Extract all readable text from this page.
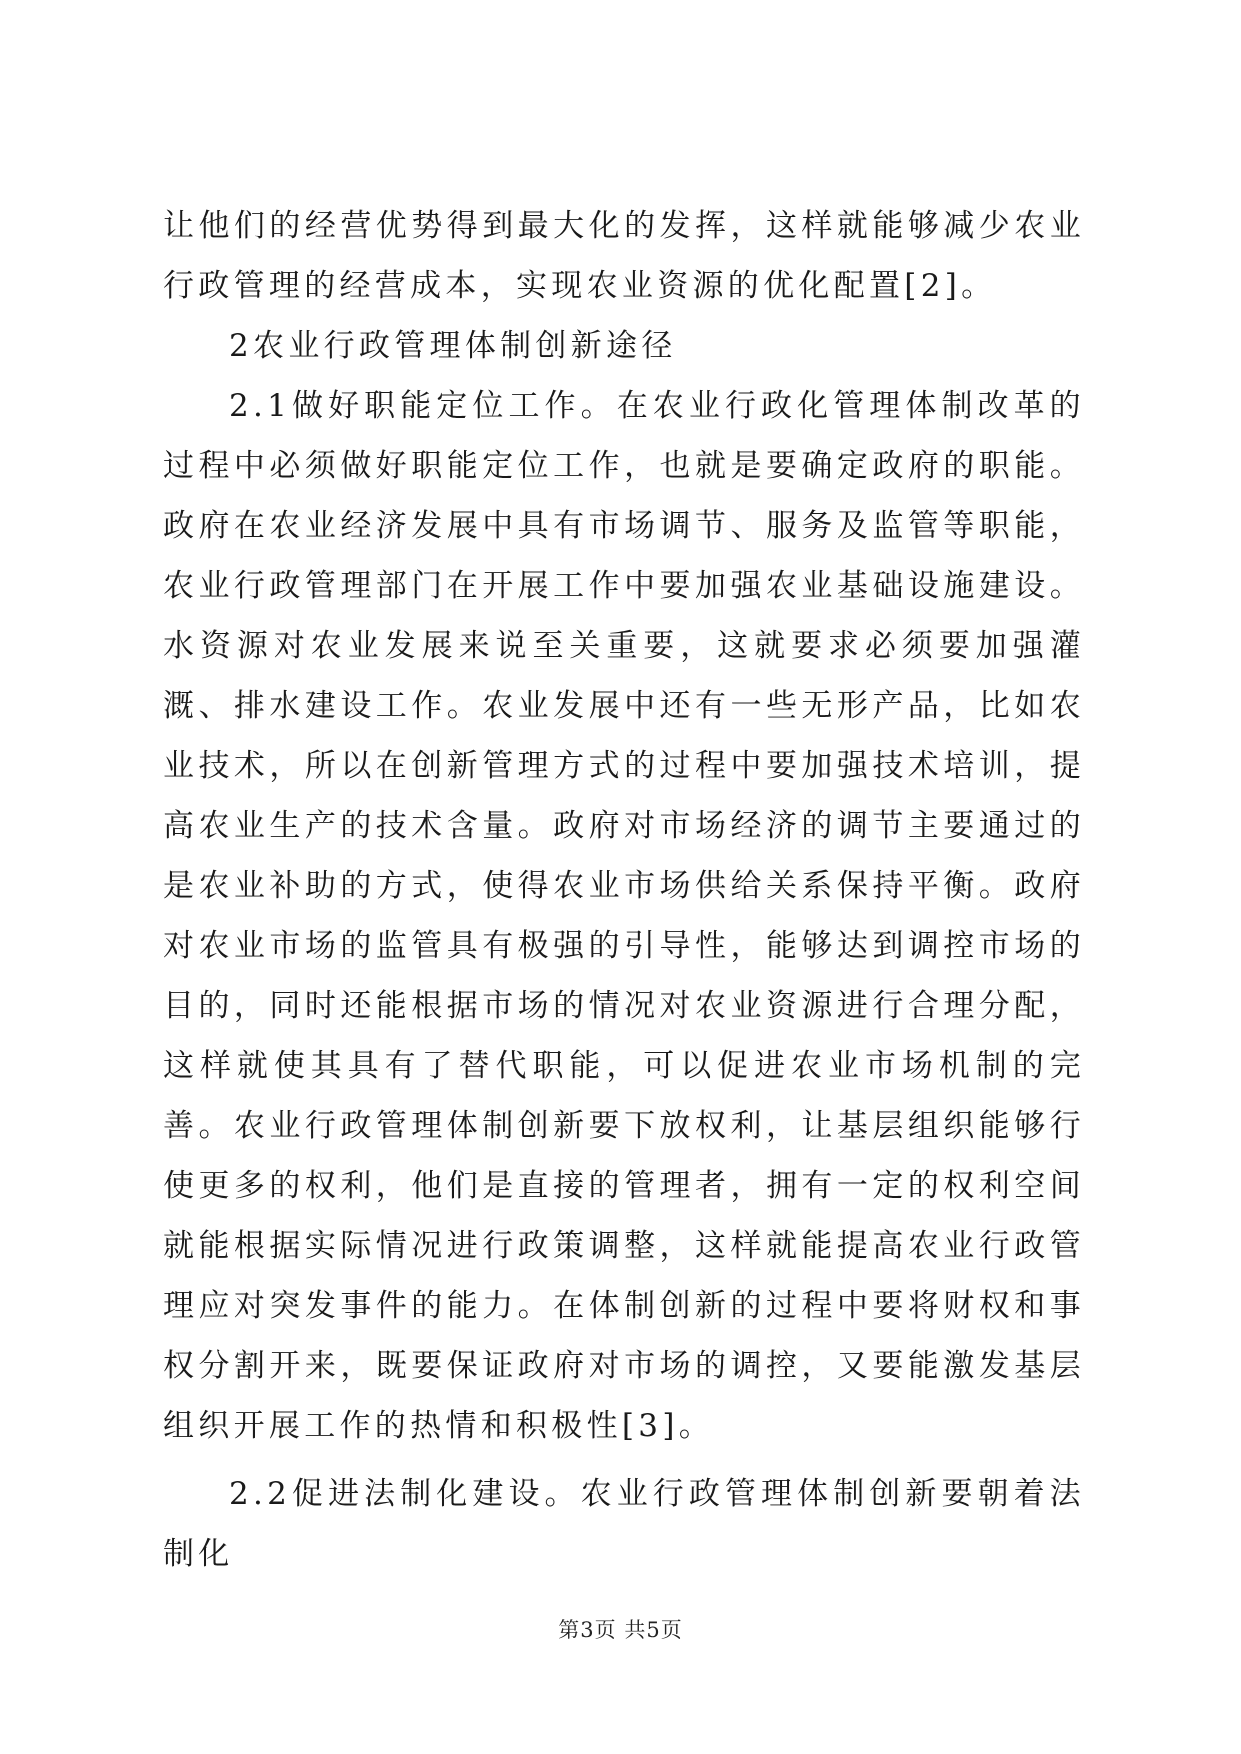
让他们的经营优势得到最大化的发挥，这样就能够减少农业行政管理的经营成本，实现农业资源的优化配置[2]。

2农业行政管理体制创新途径

2.1做好职能定位工作。在农业行政化管理体制改革的过程中必须做好职能定位工作，也就是要确定政府的职能。政府在农业经济发展中具有市场调节、服务及监管等职能，农业行政管理部门在开展工作中要加强农业基础设施建设。水资源对农业发展来说至关重要，这就要求必须要加强灌溉、排水建设工作。农业发展中还有一些无形产品，比如农业技术，所以在创新管理方式的过程中要加强技术培训，提高农业生产的技术含量。政府对市场经济的调节主要通过的是农业补助的方式，使得农业市场供给关系保持平衡。政府对农业市场的监管具有极强的引导性，能够达到调控市场的目的，同时还能根据市场的情况对农业资源进行合理分配，这样就使其具有了替代职能，可以促进农业市场机制的完善。农业行政管理体制创新要下放权利，让基层组织能够行使更多的权利，他们是直接的管理者，拥有一定的权利空间就能根据实际情况进行政策调整，这样就能提高农业行政管理应对突发事件的能力。在体制创新的过程中要将财权和事权分割开来，既要保证政府对市场的调控，又要能激发基层组织开展工作的热情和积极性[3]。

2.2促进法制化建设。农业行政管理体制创新要朝着法制化

第3页 共5页
